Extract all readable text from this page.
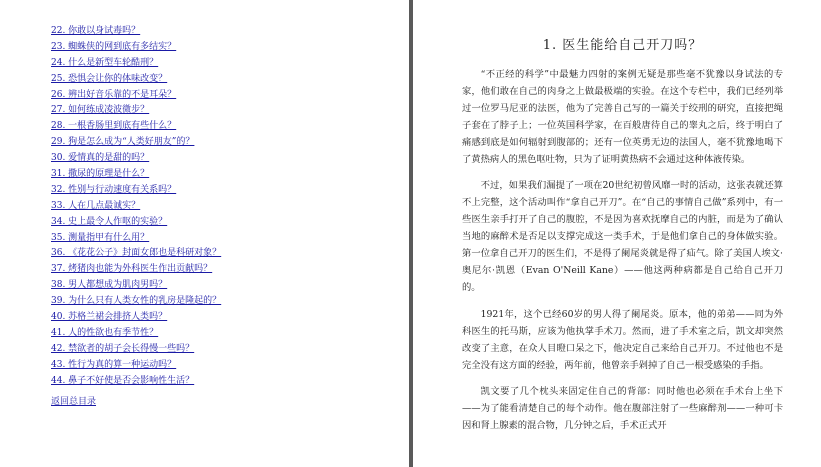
22. 你敢以身试毒吗？
23. 蜘蛛侠的网到底有多结实？
24. 什么是新型车轮酷刑？
25. 恐惧会让你的体味改变？
26. 辨出好音乐靠的不是耳朵？
27. 如何练成凌波微步？
28. 一根香肠里到底有些什么？
29. 狗是怎么成为“人类好朋友”的？
30. 爱情真的是甜的吗？
31. 撒尿的原理是什么？
32. 性别与行动速度有关系吗？
33. 人在几点最诚实？
34. 史上最令人作呕的实验？
35. 测量指甲有什么用？
36. 《花花公子》封面女郎也是科研对象？
37. 烤猪肉也能为外科医生作出贡献吗？
38. 男人都想成为肌肉男吗？
39. 为什么只有人类女性的乳房是隆起的？
40. 苏格兰裙会排挤人类吗？
41. 人的性欲也有季节性？
42. 禁欲者的胡子会长得慢一些吗？
43. 性行为真的算一种运动吗？
44. 鼻子不好使是否会影响性生活？
返回总目录
1. 医生能给自己开刀吗？

“不正经的科学”中最魅力四射的案例无疑是那些毫不犹豫以身试法的专家，他们敢在自己的肉身之上做最极端的实验。在这个专栏中，我们已经列举过一位罗马尼亚的法医，他为了完善自己写的一篇关于绞刑的研究，直接把绳子套在了脖子上；一位英国科学家，在百般唐待自己的睾丸之后，终于明白了痛感到底是如何辐射到腹部的；还有一位英勇无边的法国人，毫不犹豫地喝下了黄热病人的黑色呕吐物，只为了证明黄热病不会通过这种体液传染。

不过，如果我们漏提了一项在20世纪初曾风靡一时的活动，这张表就还算不上完整，这个活动叫作“拿自己开刀”。在“自己的事情自己做”系列中，有一些医生亲手打开了自己的腹腔，不是因为喜欢抚摩自己的内脏，而是为了确认当地的麻醉术是否足以支撑完成这一类手术，于是他们拿自己的身体做实验。第一位拿自己开刀的医生们，不是得了阑尾炎就是得了疝气。除了美国人埃文·奥尼尔·凯恩（Evan O'Neill Kane）——他这两种病都是自己给自己开刀的。

1921年，这个已经60岁的男人得了阑尾炎。原本，他的弟弟——同为外科医生的托马斯，应该为他执掌手术刀。然而，进了手术室之后，凯文却突然改变了主意，在众人目瞪口呆之下，他决定自己来给自己开刀。不过他也不是完全没有这方面的经验，两年前，他曾亲手剁掉了自己一根受感染的手指。

凯文要了几个枕头来固定住自己的背部：同时他也必须在手术台上坐下——为了能看清楚自己的每个动作。他在腹部注射了一些麻醉剂——一种可卡因和肾上腺素的混合物，几分钟之后，手术正式开
